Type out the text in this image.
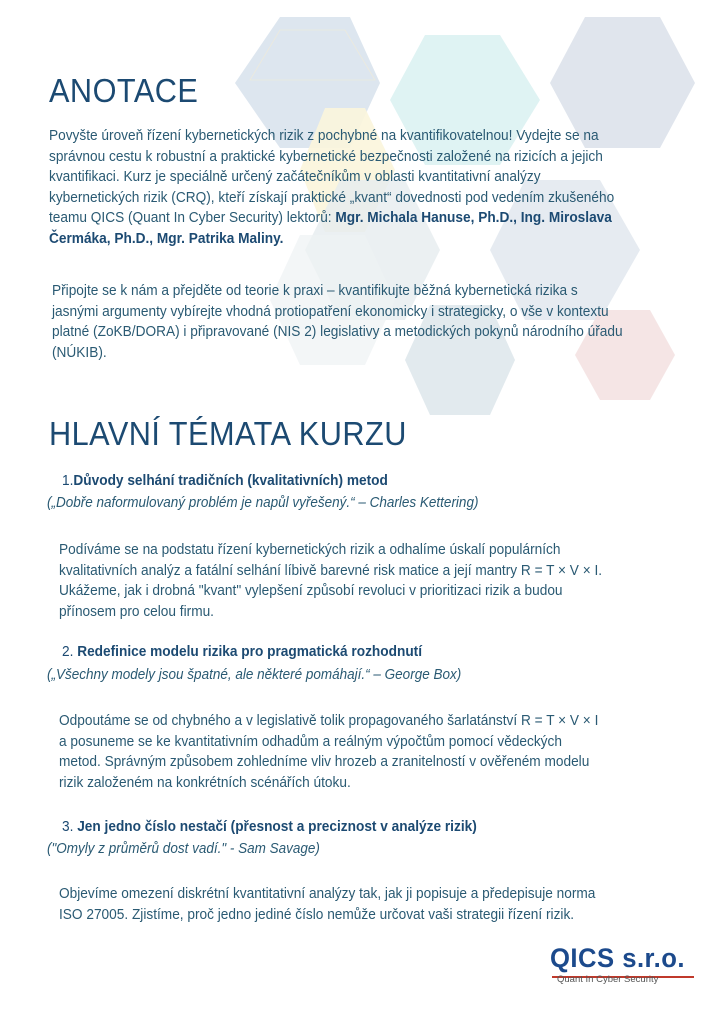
ANOTACE
Povyšte úroveň řízení kybernetických rizik z pochybné na kvantifikovatelnou! Vydejte se na
správnou cestu k robustní a praktické kybernetické bezpečnosti založené na rizicích a jejich
kvantifikaci. Kurz je speciálně určený začátečníkům v oblasti kvantitativní analýzy
kybernetických rizik (CRQ), kteří získají praktické „kvant“ dovednosti pod vedením zkušeného
teamu QICS (Quant In Cyber Security) lektorů: Mgr. Michala Hanuse, Ph.D., Ing. Miroslava
Čermáka, Ph.D., Mgr. Patrika Maliny.
Připojte se k nám a přejděte od teorie k praxi – kvantifikujte běžná kybernetická rizika s
jasnými argumenty vybírejte vhodná protiopatření ekonomicky i strategicky, o vše v kontextu
platné (ZoKB/DORA) i připravované (NIS 2) legislativy a metodických pokynů národního úřadu
(NÚKIB).
HLAVNÍ TÉMATA KURZU
1.Důvody selhání tradičních (kvalitativních) metod
(„Dobře naformulovaný problém je napůl vyřešený.“ – Charles Kettering)
Podíváme se na podstatu řízení kybernetických rizik a odhalíme úskalí populárních
kvalitativních analýz a fatální selhání líbivě barevné risk matice a její mantry R = T × V × I.
Ukážeme, jak i drobná "kvant" vylepšení způsobí revoluci v prioritizaci rizik a budou
přínosem pro celou firmu.
2. Redefinice modelu rizika pro pragmatická rozhodnutí
(„Všechny modely jsou špatné, ale některé pomáhají.“ – George Box)
Odpoutáme se od chybného a v legislativě tolik propagovaného šarlatánství R = T × V × I
a posuneme se ke kvantitativním odhadům a reálným výpočtům pomocí vědeckých
metod. Správným způsobem zohledníme vliv hrozeb a zranitelností v ověřeném modelu
rizik založeném na konkrétních scénářích útoku.
3. Jen jedno číslo nestačí (přesnost a preciznost v analýze rizik)
("Omyly z průměrů dost vadí." - Sam Savage)
Objevíme omezení diskrétní kvantitativní analýzy tak, jak ji popisuje a předepisuje norma
ISO 27005. Zjistíme, proč jedno jediné číslo nemůže určovat vaši strategii řízení rizik.
QICS s.r.o.
Quant In Cyber Security
